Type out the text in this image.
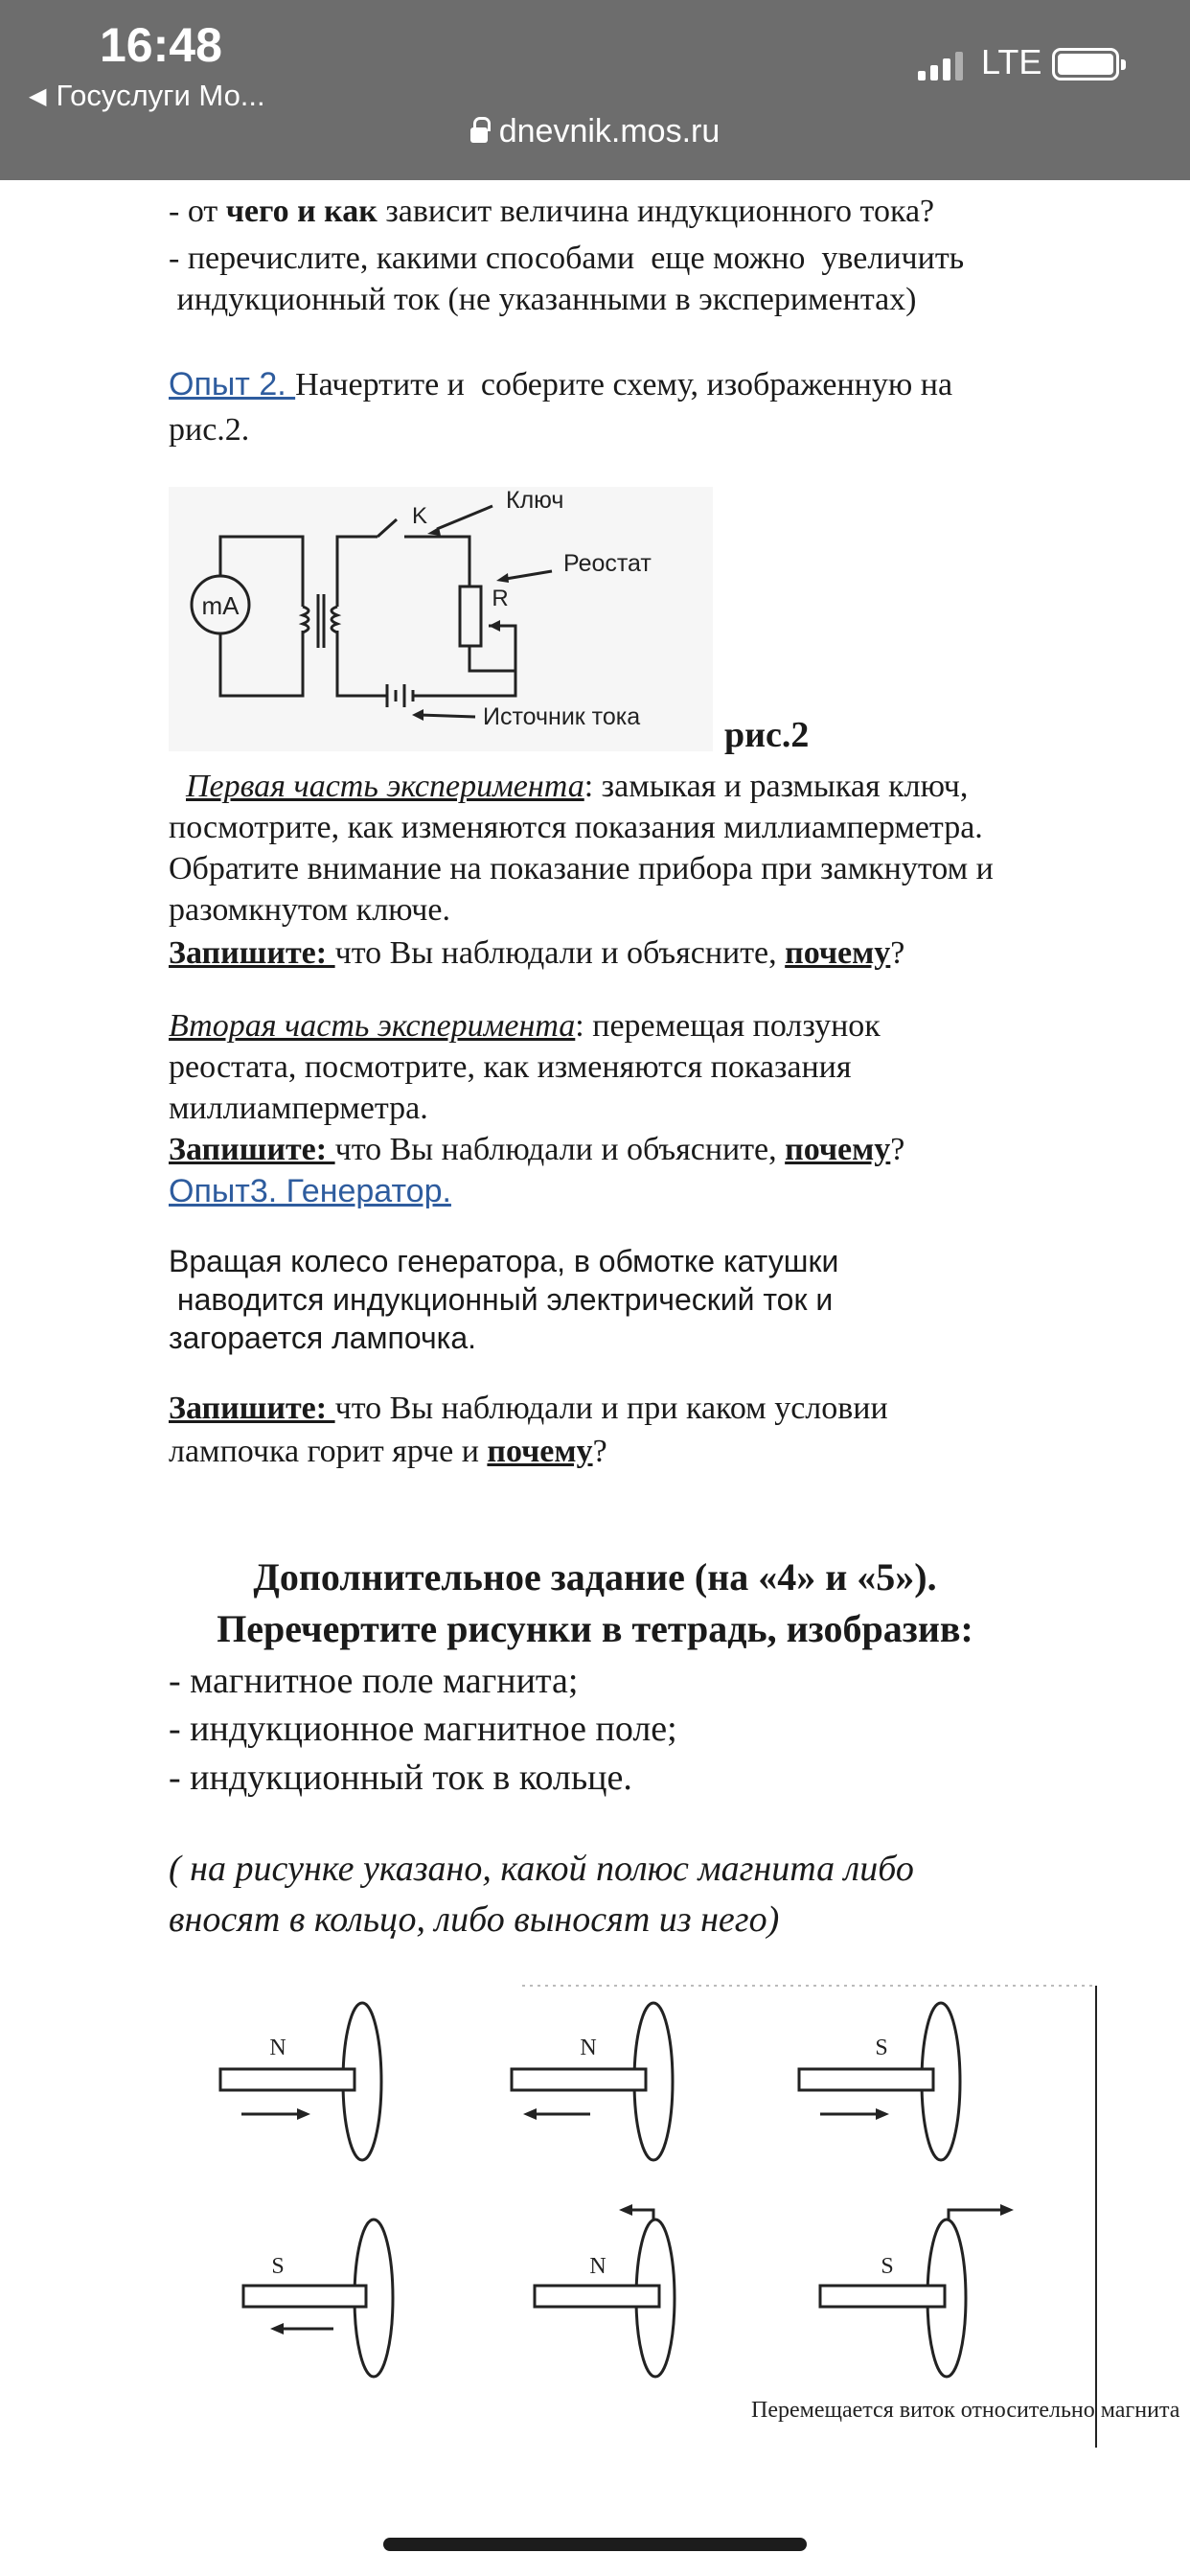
- от чего и как зависит величина индукционного тока?
- перечислите, какими способами  еще можно  увеличить
индукционный ток (не указанными в экспериментах)
Опыт 2. Начертите и  соберите схему, изображенную на
рис.2.
mA
K
R
Ключ
Реостат
Источник тока рис.2
Первая часть эксперимента: замыкая и размыкая ключ,
посмотрите, как изменяются показания миллиамперметра.
Обратите внимание на показание прибора при замкнутом и
разомкнутом ключе.
Запишите: что Вы наблюдали и объясните, почему?
Вторая часть эксперимента: перемещая ползунок
реостата, посмотрите, как изменяются показания
миллиамперметра.
Запишите: что Вы наблюдали и объясните, почему?
Опыт3. Генератор.
Вращая колесо генератора, в обмотке катушки
наводится индукционный электрический ток и
загорается лампочка.
Запишите: что Вы наблюдали и при каком условии
лампочка горит ярче и почему?
Дополнительное задание (на «4» и «5»).
Перечертите рисунки в тетрадь, изобразив:
- магнитное поле магнита;
- индукционное магнитное поле;
- индукционный ток в кольце.
( на рисунке указано, какой полюс магнита либо
вносят в кольцо, либо выносят из него)
N	N	S
S	N	S
Перемещается виток относительно магнита
16:48
◀ Госуслуги Мо...
LTE
dnevnik.mos.ru
